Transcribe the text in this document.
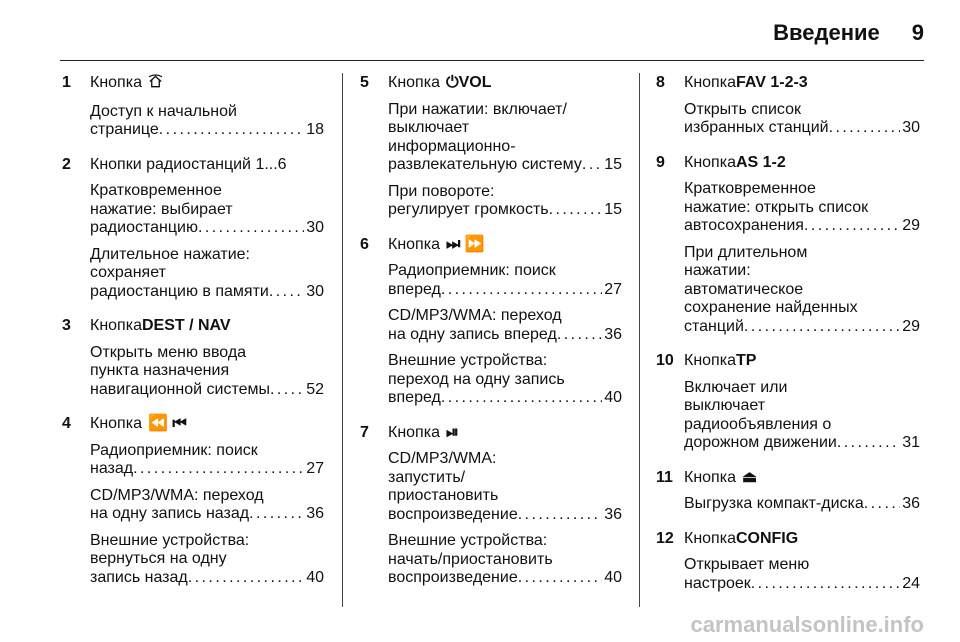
Введение 9
1	Кнопка
Доступ к начальной
странице . . .	18
2	Кнопки радиостанций 1...6
Кратковременное
нажатие: выбирает
радиостанцию . . .	30
Длительное нажатие:
сохраняет
радиостанцию в памяти . . . 30
3	Кнопка DEST / NAV
Открыть меню ввода
пункта назначения
навигационной системы . . . 52
4	Кнопка ⏪ ⏮
Радиоприемник: поиск
назад . . .	27
CD/MP3/WMA: переход
на одну запись назад . . .	36
Внешние устройства:
вернуться на одну
запись назад . . .	40
5	Кнопка ⏻ VOL
При нажатии: включает/
выключает
информационно-
развлекательную систему . . . 15
При повороте:
регулирует громкость . . .	15
6	Кнопка ⏭ ⏩
Радиоприемник: поиск
вперед . . .	27
CD/MP3/WMA: переход
на одну запись вперед . . .	36
Внешние устройства:
переход на одну запись
вперед . . .	40
7	Кнопка ⏯
CD/MP3/WMA:
запустить/
приостановить
воспроизведение . . .	36
Внешние устройства:
начать/приостановить
воспроизведение . . .	40
8	Кнопка FAV 1-2-3
Открыть список
избранных станций . . .	30
9	Кнопка AS 1-2
Кратковременное
нажатие: открыть список
автосохранения . . .	29
При длительном
нажатии:
автоматическое
сохранение найденных
станций . . .	29
10 Кнопка TP
Включает или
выключает
радиообъявления о
дорожном движении . . .	31
11 Кнопка ⏏
Выгрузка компакт-диска . . . 36
12 Кнопка CONFIG
Открывает меню
настроек . . .	24
carmanualsonline.info
